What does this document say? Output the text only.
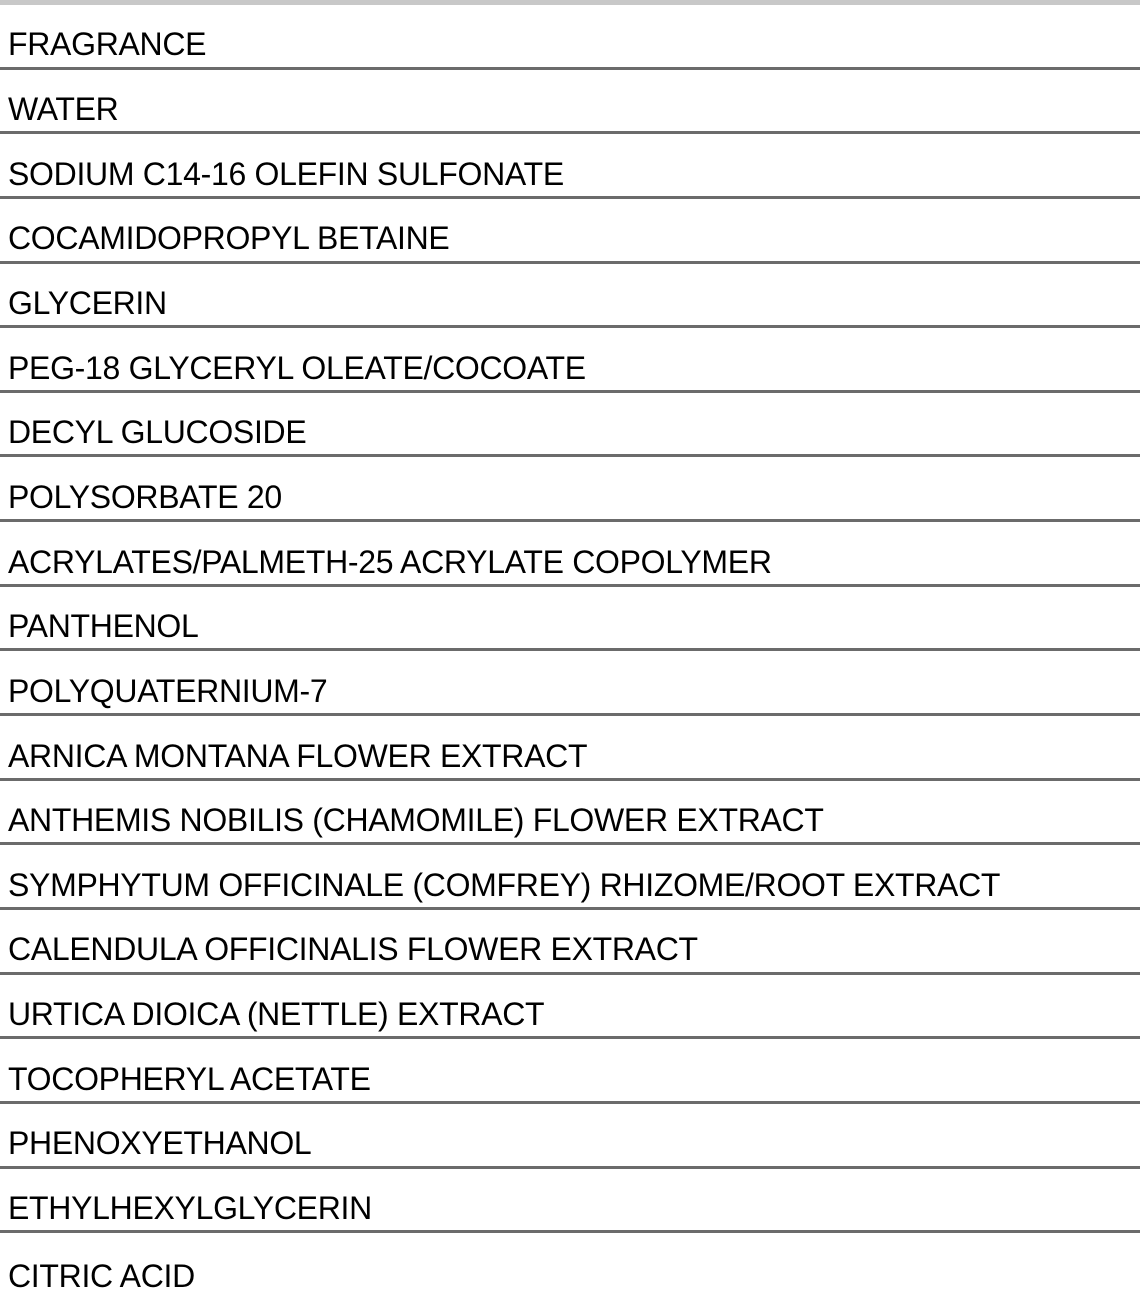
FRAGRANCE
WATER
SODIUM C14-16 OLEFIN SULFONATE
COCAMIDOPROPYL BETAINE
GLYCERIN
PEG-18 GLYCERYL OLEATE/COCOATE
DECYL GLUCOSIDE
POLYSORBATE 20
ACRYLATES/PALMETH-25 ACRYLATE COPOLYMER
PANTHENOL
POLYQUATERNIUM-7
ARNICA MONTANA FLOWER EXTRACT
ANTHEMIS NOBILIS (CHAMOMILE) FLOWER EXTRACT
SYMPHYTUM OFFICINALE (COMFREY) RHIZOME/ROOT EXTRACT
CALENDULA OFFICINALIS FLOWER EXTRACT
URTICA DIOICA (NETTLE) EXTRACT
TOCOPHERYL ACETATE
PHENOXYETHANOL
ETHYLHEXYLGLYCERIN
CITRIC ACID
